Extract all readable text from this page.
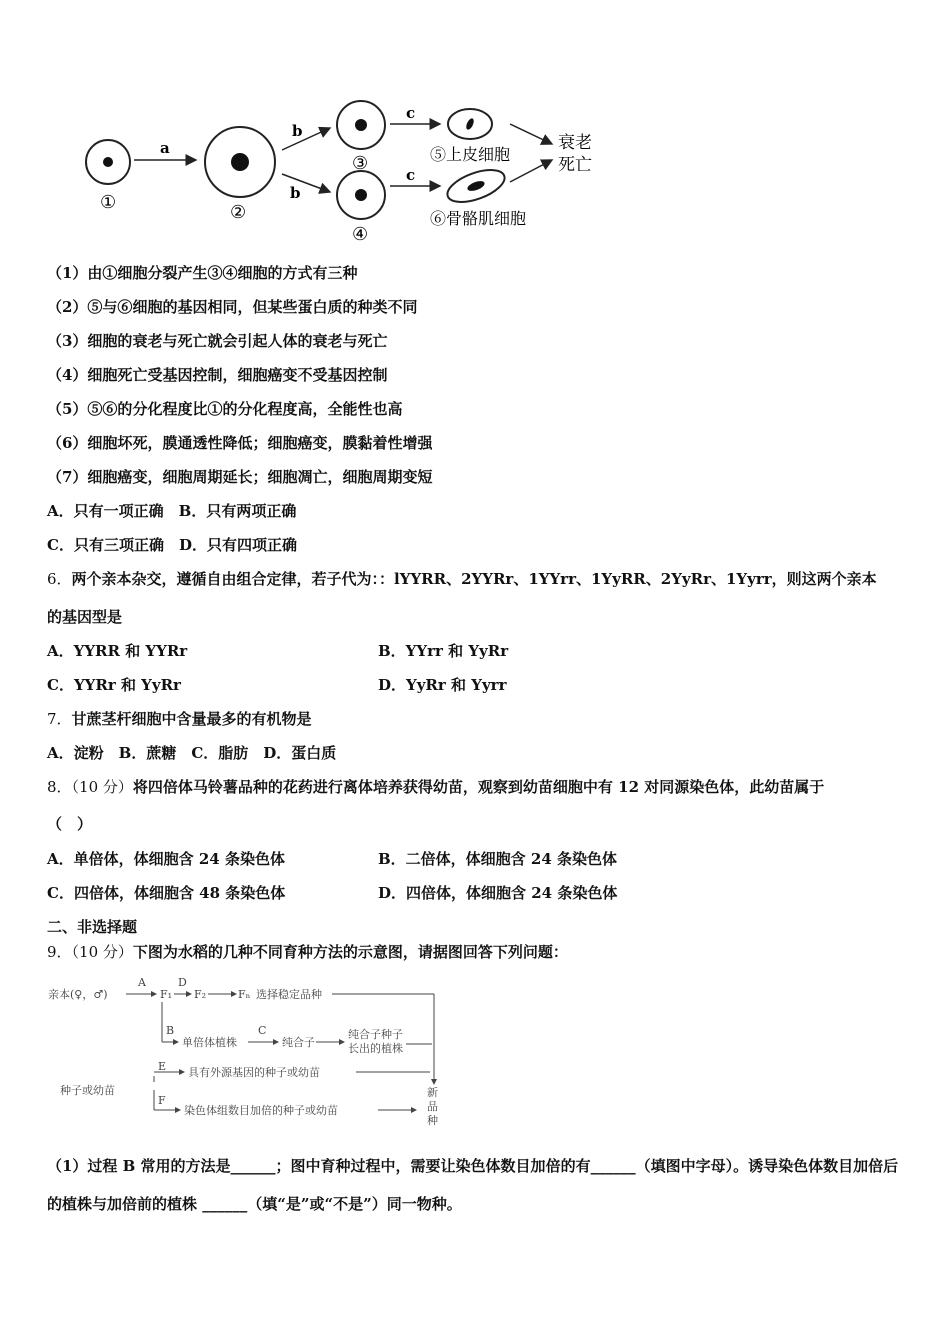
①
a
②
b
b
③
④
c
c
⑤上皮细胞
⑥骨骼肌细胞
衰老
死亡
（1）由①细胞分裂产生③④细胞的方式有三种
（2）⑤与⑥细胞的基因相同，但某些蛋白质的种类不同
（3）细胞的衰老与死亡就会引起人体的衰老与死亡
（4）细胞死亡受基因控制，细胞癌变不受基因控制
（5）⑤⑥的分化程度比①的分化程度高，全能性也高
（6）细胞坏死，膜通透性降低；细胞癌变，膜黏着性增强
（7）细胞癌变，细胞周期延长；细胞凋亡，细胞周期变短
A．只有一项正确　B．只有两项正确
C．只有三项正确　D．只有四项正确
6．两个亲本杂交，遵循自由组合定律，若子代为：：lYYRR、2YYRr、1YYrr、1YyRR、2YyRr、1Yyrr，则这两个亲本
的基因型是
A．YYRR 和 YYRr	B．YYrr 和 YyRr
C．YYRr 和 YyRr	D．YyRr 和 Yyrr
7．甘蔗茎杆细胞中含量最多的有机物是
A．淀粉　B．蔗糖　C．脂肪　D．蛋白质
8．（10 分）将四倍体马铃薯品种的花药进行离体培养获得幼苗，观察到幼苗细胞中有 12 对同源染色体，此幼苗属于
（　）
A．单倍体，体细胞含 24 条染色体	B．二倍体，体细胞含 24 条染色体
C．四倍体，体细胞含 48 条染色体	D．四倍体，体细胞含 24 条染色体
二、非选择题
9．（10 分）下图为水稻的几种不同育种方法的示意图，请据图回答下列问题：
亲本(♀，♂)
A
F₁
D
F₂	Fₙ 选择稳定品种
B
单倍体植株
C
纯合子
纯合子种子
长出的植株
种子或幼苗
E 具有外源基因的种子或幼苗
F
染色体组数目加倍的种子或幼苗
新
品
种
（1）过程 B 常用的方法是______；图中育种过程中，需要让染色体数目加倍的有______（填图中字母）。诱导染色体数目加倍后的植株与加倍前的植株 ______（填“是”或“不是”）同一物种。
